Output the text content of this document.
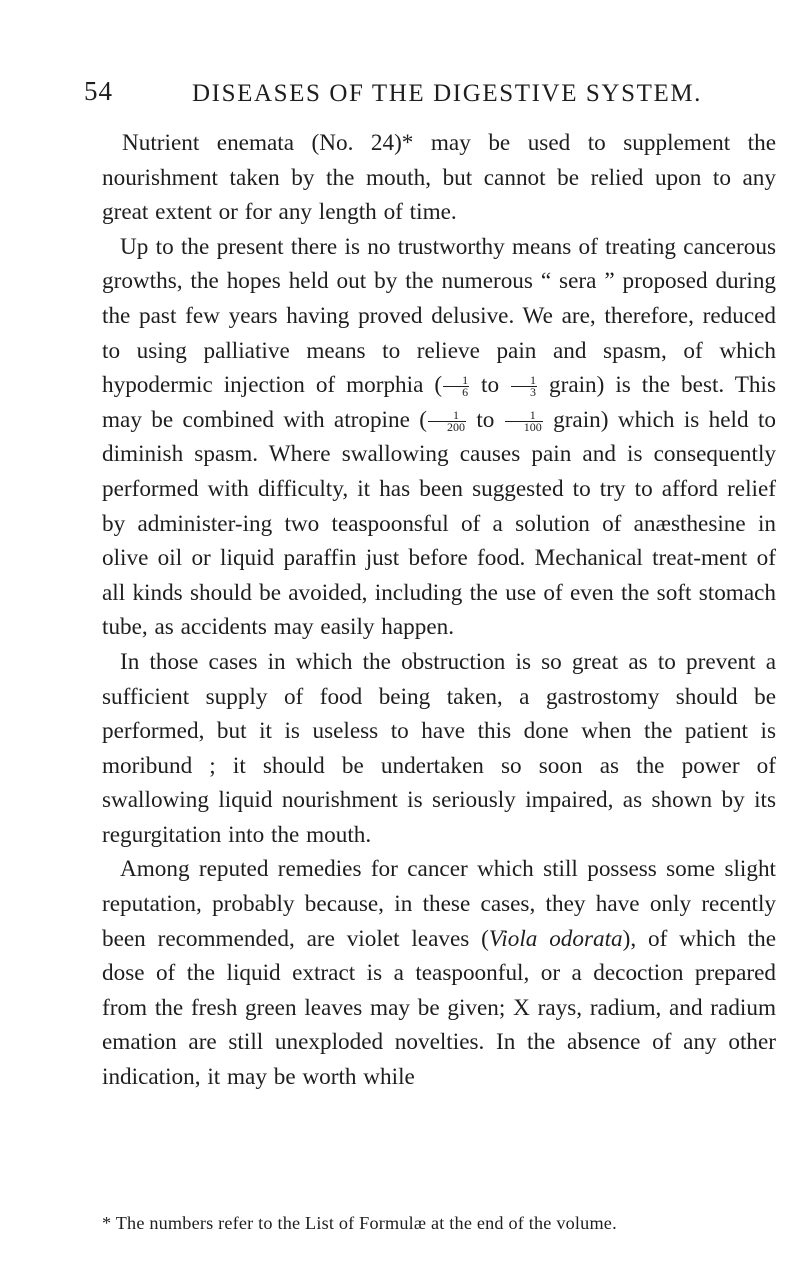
54	DISEASES OF THE DIGESTIVE SYSTEM.

Nutrient enemata (No. 24)* may be used to supplement the nourishment taken by the mouth, but cannot be relied upon to any great extent or for any length of time.

Up to the present there is no trustworthy means of treating cancerous growths, the hopes held out by the numerous “ sera ” proposed during the past few years having proved delusive. We are, therefore, reduced to using palliative means to relieve pain and spasm, of which hypodermic injection of morphia ( $\frac{1}{6}$ to $\frac{1}{3}$ grain) is the best. This may be combined with atropine ( $\frac{1}{200}$ to $\frac{1}{100}$ grain) which is held to diminish spasm. Where swallowing causes pain and is consequently performed with difficulty, it has been suggested to try to afford relief by administer-ing two teaspoonsful of a solution of anæsthesine in olive oil or liquid paraffin just before food. Mechanical treat-ment of all kinds should be avoided, including the use of even the soft stomach tube, as accidents may easily happen.

In those cases in which the obstruction is so great as to prevent a sufficient supply of food being taken, a gastrostomy should be performed, but it is useless to have this done when the patient is moribund ; it should be undertaken so soon as the power of swallowing liquid nourishment is seriously impaired, as shown by its regurgitation into the mouth.

Among reputed remedies for cancer which still possess some slight reputation, probably because, in these cases, they have only recently been recommended, are violet leaves (Viola odorata), of which the dose of the liquid extract is a teaspoonful, or a decoction prepared from the fresh green leaves may be given; X rays, radium, and radium emation are still unexploded novelties. In the absence of any other indication, it may be worth while

* The numbers refer to the List of Formulæ at the end of the volume.
